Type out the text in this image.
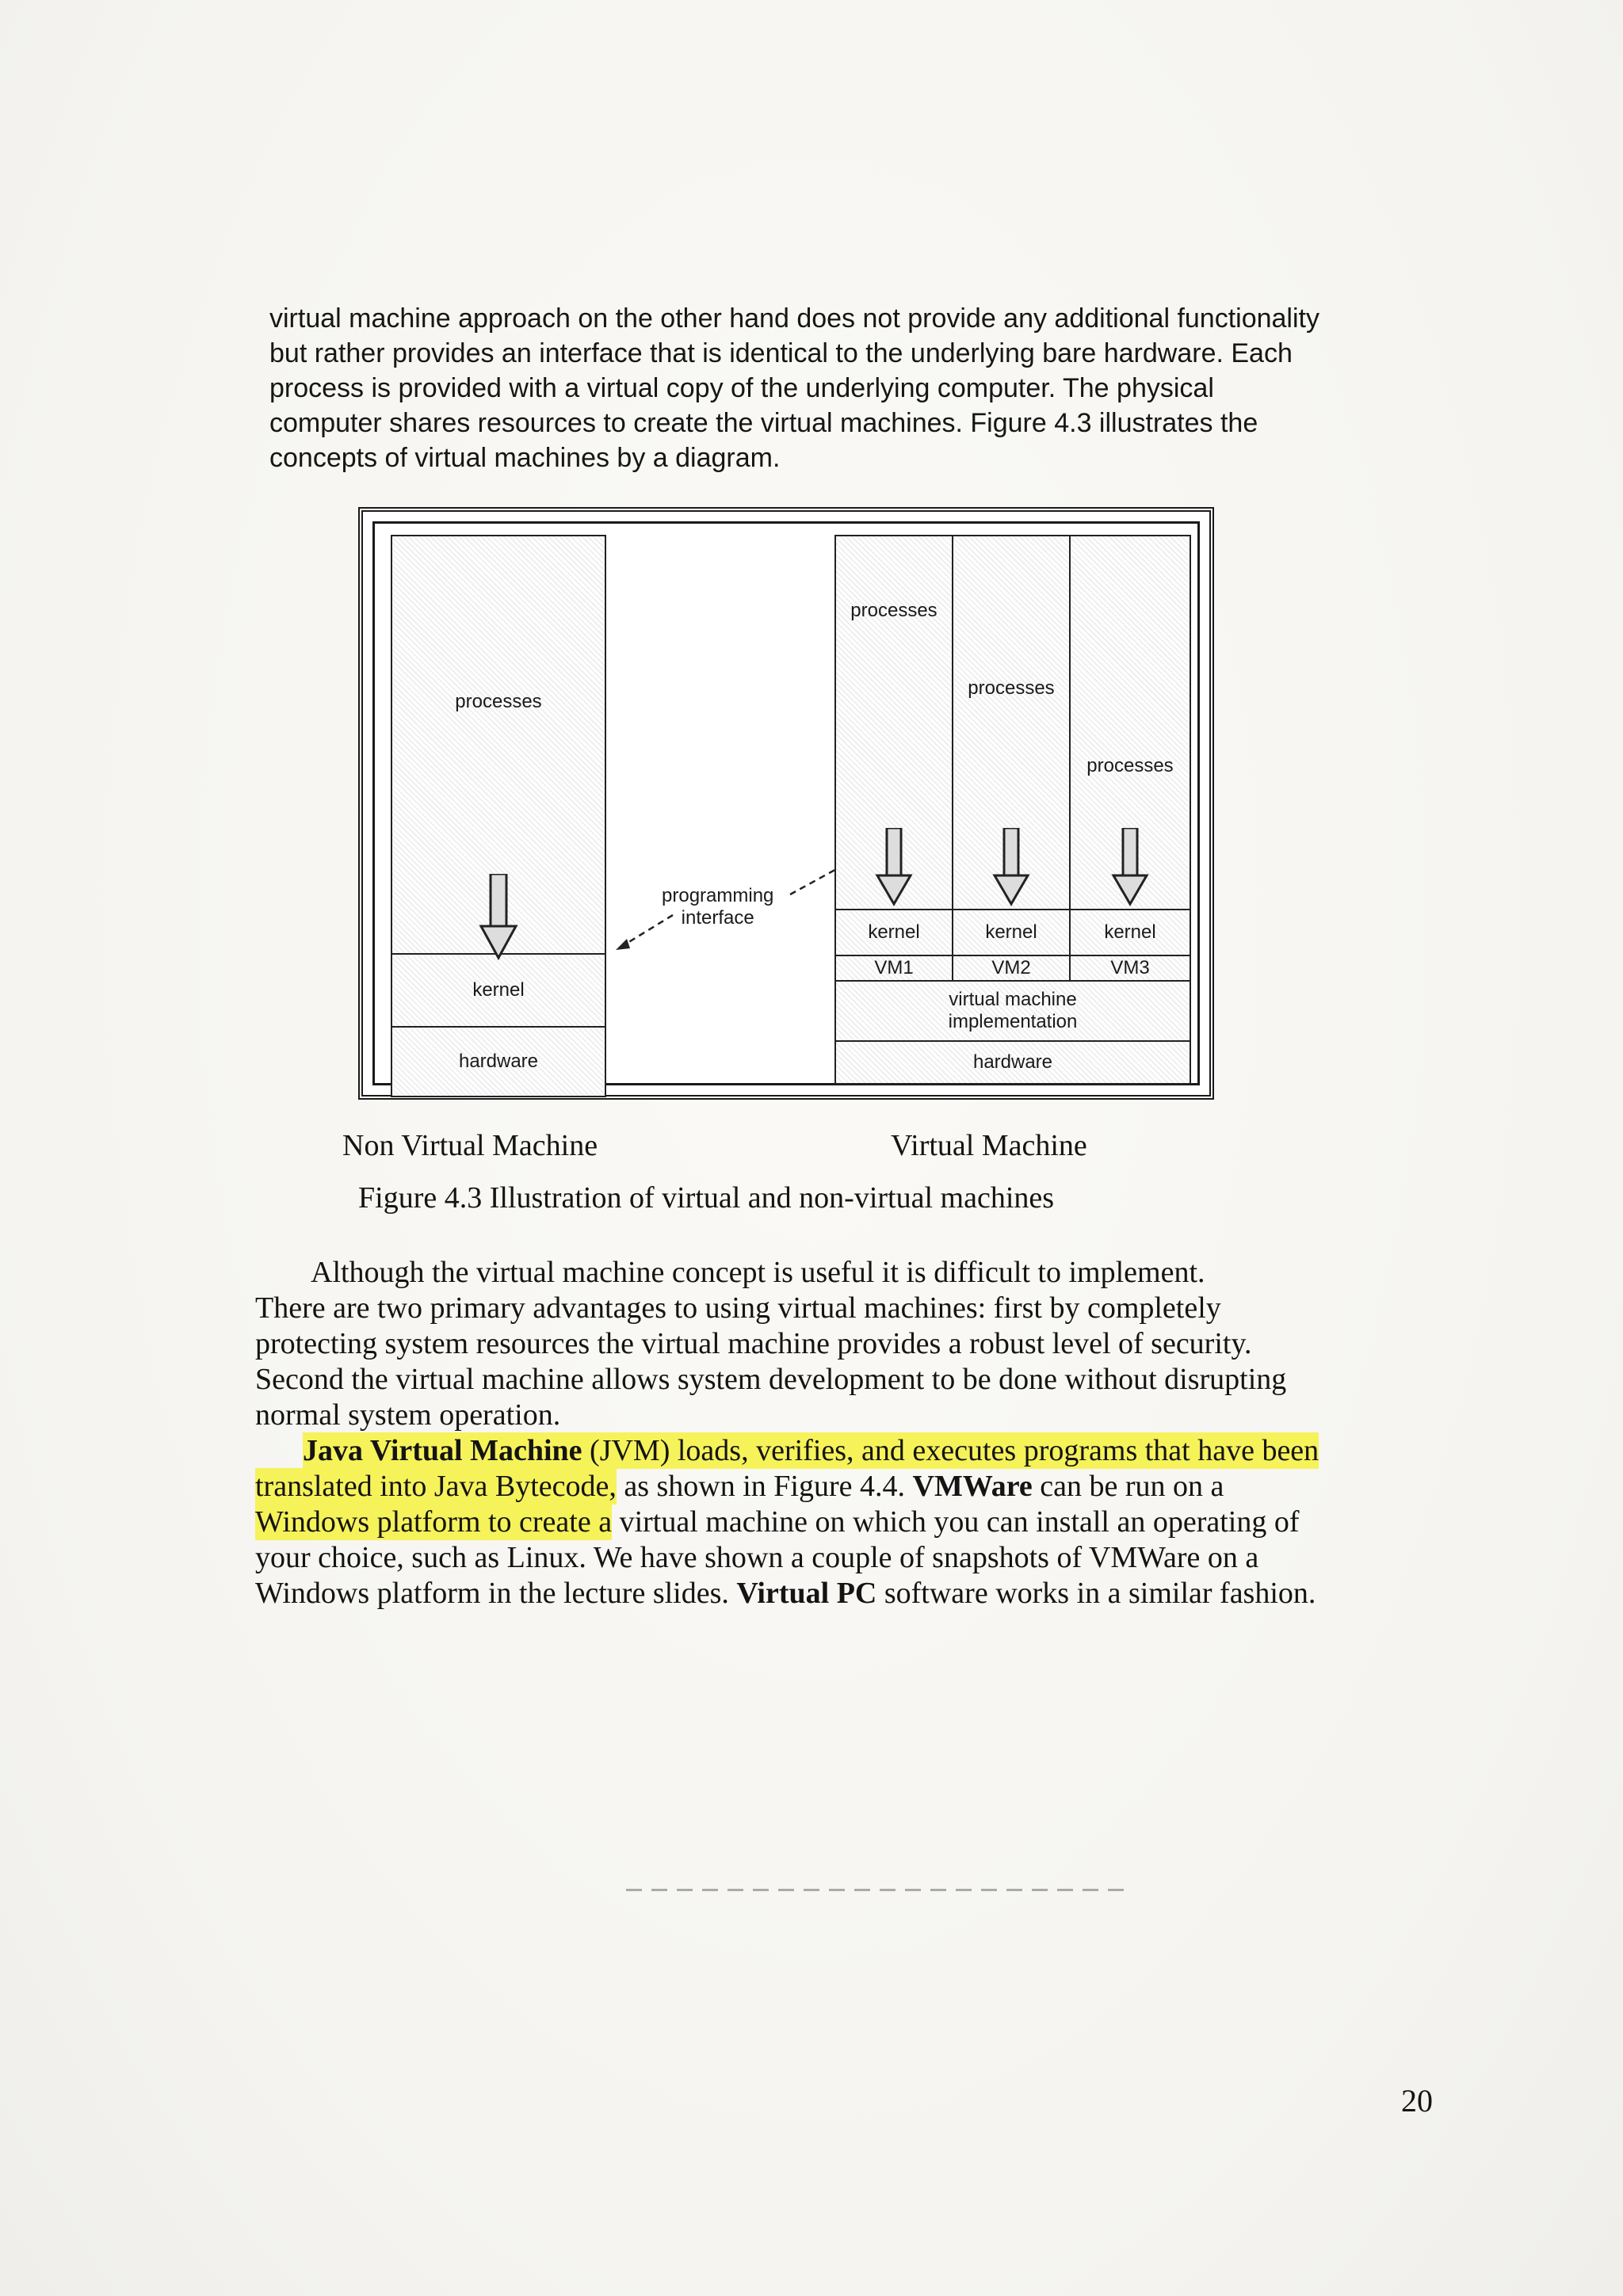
virtual machine approach on the other hand does not provide any additional functionality
but rather provides an interface that is identical to the underlying bare hardware. Each
process is provided with a virtual copy of the underlying computer. The physical
computer shares resources to create the virtual machines. Figure 4.3 illustrates the
concepts of virtual machines by a diagram.
processes
kernel
hardware
programming
interface
processes
processes
processes
kernel	kernel	kernel
VM1	VM2	VM3
virtual machine
implementation
hardware
Non Virtual Machine	Virtual Machine
Figure 4.3 Illustration of virtual and non-virtual machines
Although the virtual machine concept is useful it is difficult to implement.
There are two primary advantages to using virtual machines: first by completely
protecting system resources the virtual machine provides a robust level of security.
Second the virtual machine allows system development to be done without disrupting
normal system operation.
Java Virtual Machine (JVM) loads, verifies, and executes programs that have been
translated into Java Bytecode, as shown in Figure 4.4. VMWare can be run on a
Windows platform to create a virtual machine on which you can install an operating of
your choice, such as Linux. We have shown a couple of snapshots of VMWare on a
Windows platform in the lecture slides. Virtual PC software works in a similar fashion.
20
